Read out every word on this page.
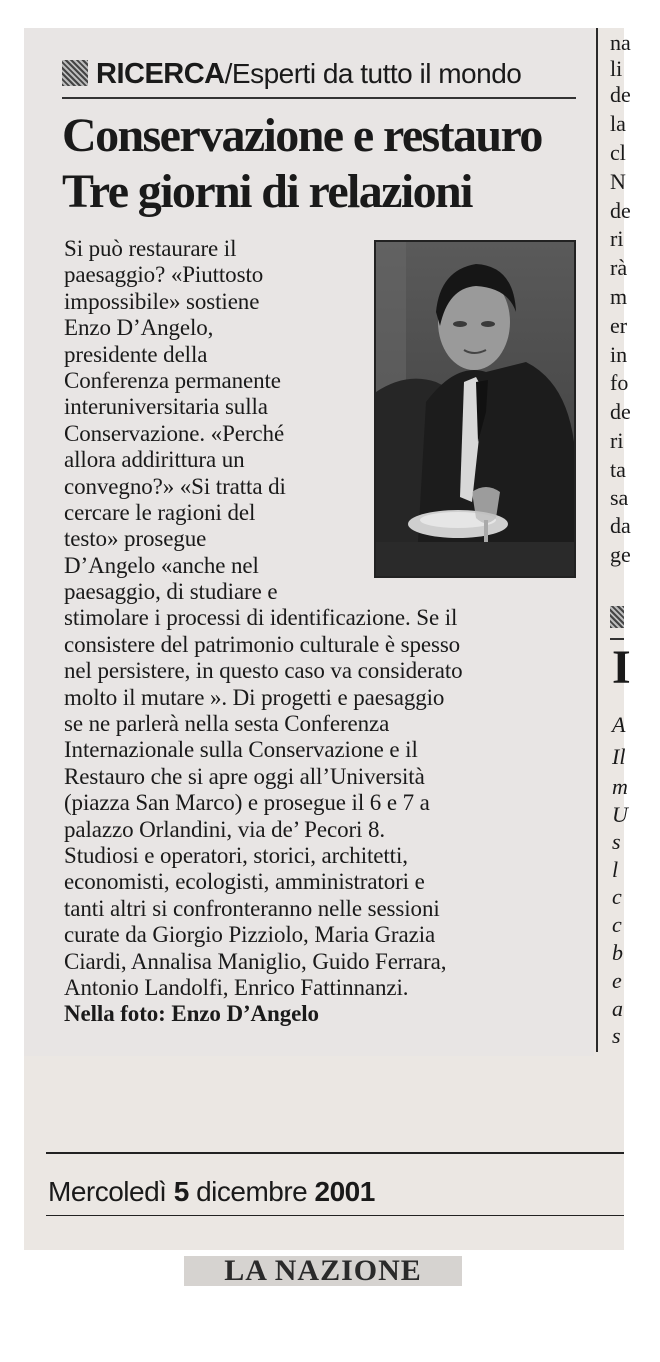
RICERCA/Esperti da tutto il mondo
Conservazione e restauro
Tre giorni di relazioni
Si può restaurare il
paesaggio? «Piuttosto
impossibile» sostiene
Enzo D’Angelo,
presidente della
Conferenza permanente
interuniversitaria sulla
Conservazione. «Perché
allora addirittura un
convegno?» «Si tratta di
cercare le ragioni del
testo» prosegue
D’Angelo «anche nel
paesaggio, di studiare e
stimolare i processi di identificazione. Se il
consistere del patrimonio culturale è spesso
nel persistere, in questo caso va considerato
molto il mutare ». Di progetti e paesaggio
se ne parlerà nella sesta Conferenza
Internazionale sulla Conservazione e il
Restauro che si apre oggi all’Università
(piazza San Marco) e prosegue il 6 e 7 a
palazzo Orlandini, via de’ Pecori 8.
Studiosi e operatori, storici, architetti,
economisti, ecologisti, amministratori e
tanti altri si confronteranno nelle sessioni
curate da Giorgio Pizziolo, Maria Grazia
Ciardi, Annalisa Maniglio, Guido Ferrara,
Antonio Landolfi, Enrico Fattinnanzi.
Nella foto: Enzo D’Angelo
na
li
de
la
cl
N
de
ri
rà
m
er
in
fo
de
ri
ta
sa
da
ge
I
A
Il
m
U
s
l
c
c
b
e
a
s
Mercoledì 5 dicembre 2001
LA NAZIONE
